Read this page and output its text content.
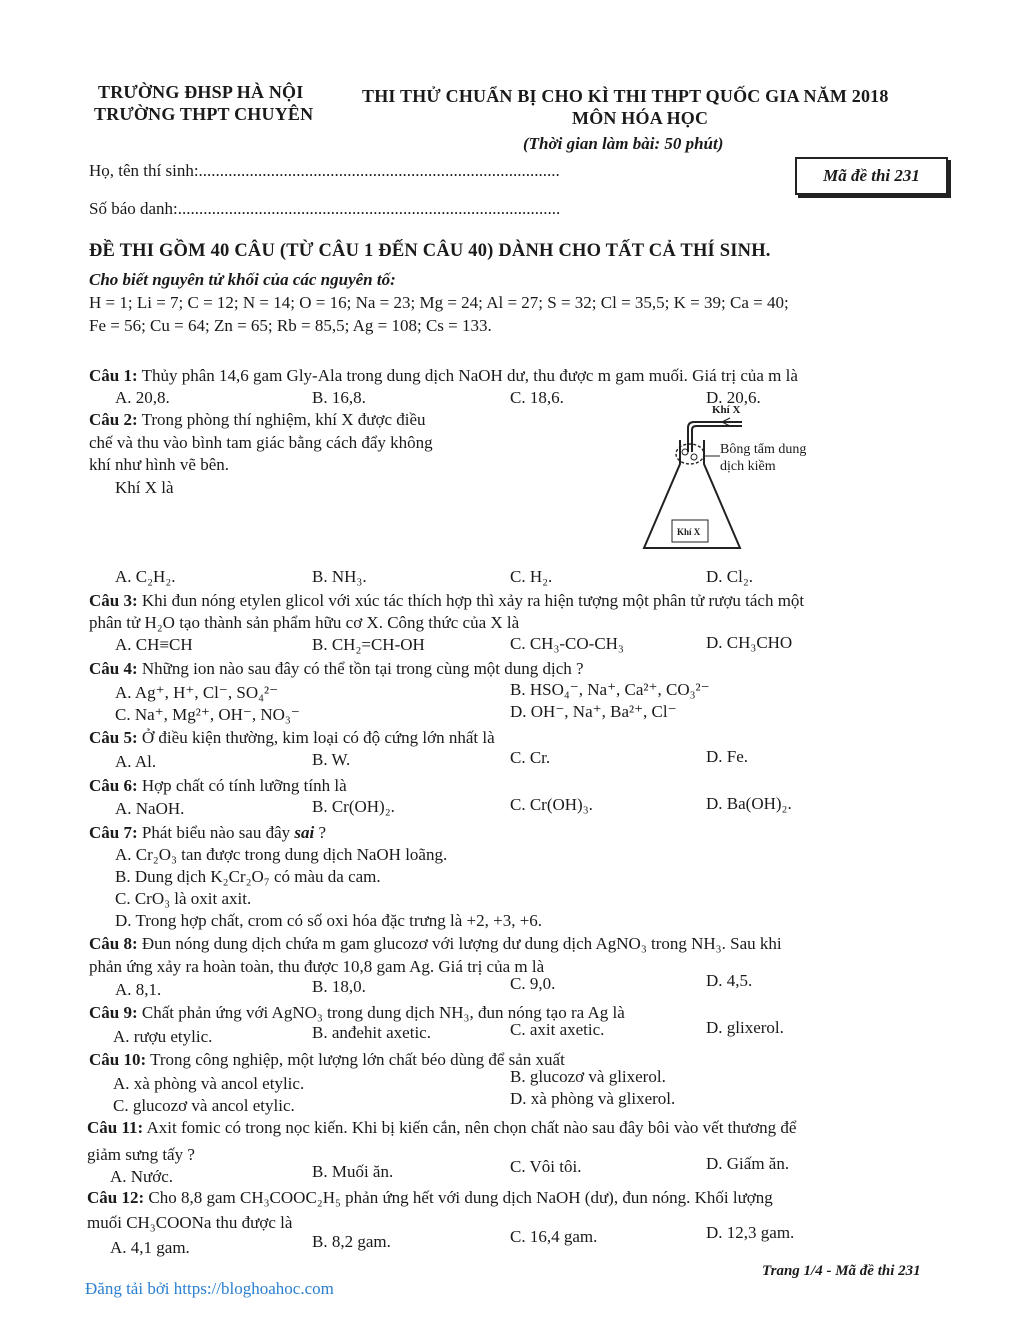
TRƯỜNG ĐHSP HÀ NỘI
TRƯỜNG THPT CHUYÊN
THI THỬ CHUẨN BỊ CHO KÌ THI THPT QUỐC GIA NĂM 2018
MÔN HÓA HỌC
(Thời gian làm bài: 50 phút)
Họ, tên thí sinh:.....................................................................................
Số báo danh:..........................................................................................
Mã đề thi 231
ĐỀ THI GỒM 40 CÂU (TỪ CÂU 1 ĐẾN CÂU 40) DÀNH CHO TẤT CẢ THÍ SINH.
Cho biết nguyên tử khối của các nguyên tố:
H = 1; Li = 7; C = 12; N = 14; O = 16; Na = 23; Mg = 24; Al = 27; S = 32; Cl = 35,5; K = 39; Ca = 40;
Fe = 56; Cu = 64; Zn = 65; Rb = 85,5; Ag = 108; Cs = 133.
Câu 1: Thủy phân 14,6 gam Gly-Ala trong dung dịch NaOH dư, thu được m gam muối. Giá trị của m là
A. 20,8.	B. 16,8.	C. 18,6.	D. 20,6.
Câu 2: Trong phòng thí nghiệm, khí X được điều
chế và thu vào bình tam giác bằng cách đẩy không
khí như hình vẽ bên.
Khí X là
Khí X
Bông tẩm dung
dịch kiềm
Khí X
A. C₂H₂.	B. NH₃.	C. H₂.	D. Cl₂.
Câu 3: Khi đun nóng etylen glicol với xúc tác thích hợp thì xảy ra hiện tượng một phân tử rượu tách một
phân tử H₂O tạo thành sản phẩm hữu cơ X. Công thức của X là
A. CH≡CH	B. CH₂=CH-OH	C. CH₃-CO-CH₃	D. CH₃CHO
Câu 4: Những ion nào sau đây có thể tồn tại trong cùng một dung dịch ?
A. Ag⁺, H⁺, Cl⁻, SO₄²⁻	B. HSO₄⁻, Na⁺, Ca²⁺, CO₃²⁻
C. Na⁺, Mg²⁺, OH⁻, NO₃⁻	D. OH⁻, Na⁺, Ba²⁺, Cl⁻
Câu 5: Ở điều kiện thường, kim loại có độ cứng lớn nhất là
A. Al.	B. W.	C. Cr.	D. Fe.
Câu 6: Hợp chất có tính lưỡng tính là
A. NaOH.	B. Cr(OH)₂.	C. Cr(OH)₃.	D. Ba(OH)₂.
Câu 7: Phát biểu nào sau đây sai ?
A. Cr₂O₃ tan được trong dung dịch NaOH loãng.
B. Dung dịch K₂Cr₂O₇ có màu da cam.
C. CrO₃ là oxit axit.
D. Trong hợp chất, crom có số oxi hóa đặc trưng là +2, +3, +6.
Câu 8: Đun nóng dung dịch chứa m gam glucozơ với lượng dư dung dịch AgNO₃ trong NH₃. Sau khi
phản ứng xảy ra hoàn toàn, thu được 10,8 gam Ag. Giá trị của m là
A. 8,1.	B. 18,0.	C. 9,0.	D. 4,5.
Câu 9: Chất phản ứng với AgNO₃ trong dung dịch NH₃, đun nóng tạo ra Ag là
A. rượu etylic.	B. anđehit axetic.	C. axit axetic.	D. glixerol.
Câu 10: Trong công nghiệp, một lượng lớn chất béo dùng để sản xuất
A. xà phòng và ancol etylic.	B. glucozơ và glixerol.
C. glucozơ và ancol etylic.	D. xà phòng và glixerol.
Câu 11: Axit fomic có trong nọc kiến. Khi bị kiến cắn, nên chọn chất nào sau đây bôi vào vết thương để
giảm sưng tấy ?
A. Nước.	B. Muối ăn.	C. Vôi tôi.	D. Giấm ăn.
Câu 12: Cho 8,8 gam CH₃COOC₂H₅ phản ứng hết với dung dịch NaOH (dư), đun nóng. Khối lượng
muối CH₃COONa thu được là
A. 4,1 gam.	B. 8,2 gam.	C. 16,4 gam.	D. 12,3 gam.
Đăng tải bởi https://bloghoahoc.com
Trang 1/4 - Mã đề thi 231
